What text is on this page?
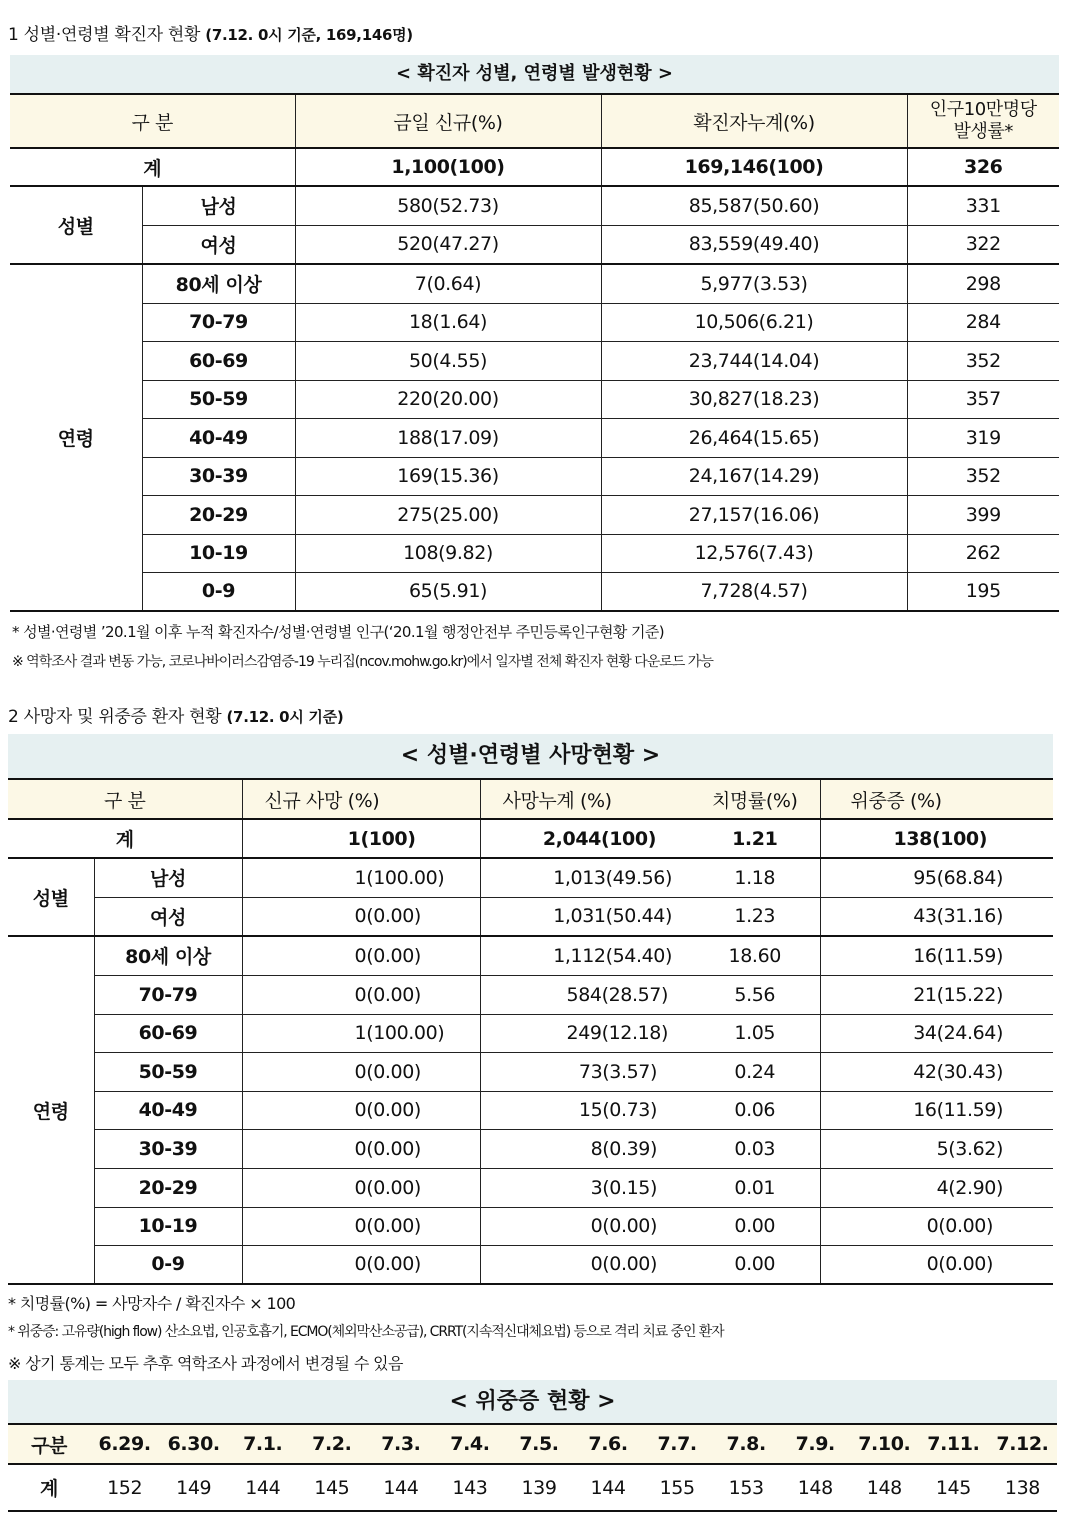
1 성별·연령별 확진자 현황 (7.12. 0시 기준, 169,146명)
< 확진자 성별, 연령별 발생현황 >
구 분		금일 신규(%)	확진자누계(%)	인구10만명당
발생률*

계		1,100(100)	169,146(100)	326
성별	남성	580(52.73)	85,587(50.60)	331
	여성	520(47.27)	83,559(49.40)	322
연령	80세 이상	7(0.64)	5,977(3.53)	298
	70-79	18(1.64)	10,506(6.21)	284
	60-69	50(4.55)	23,744(14.04)	352
	50-59	220(20.00)	30,827(18.23)	357
	40-49	188(17.09)	26,464(15.65)	319
	30-39	169(15.36)	24,167(14.29)	352
	20-29	275(25.00)	27,157(16.06)	399
	10-19	108(9.82)	12,576(7.43)	262
	0-9	65(5.91)	7,728(4.57)	195
* 성별·연령별 ’20.1월 이후 누적 확진자수/성별·연령별 인구(‘20.1월 행정안전부 주민등록인구현황 기준)
※ 역학조사 결과 변동 가능, 코로나바이러스감염증-19 누리집(ncov.mohw.go.kr)에서 일자별 전체 확진자 현황 다운로드 가능
2 사망자 및 위중증 환자 현황 (7.12. 0시 기준)
< 성별·연령별 사망현황 >
구 분		신규 사망 (%)	사망누계 (%)	치명률(%)	위중증 (%)
계		1(100)	2,044(100)	1.21	138(100)
성별	남성	1(100.00)	1,013(49.56)	1.18	95(68.84)
	여성	0(0.00)	1,031(50.44)	1.23	43(31.16)
연령	80세 이상	0(0.00)	1,112(54.40)	18.60	16(11.59)
	70-79	0(0.00)	584(28.57)	5.56	21(15.22)
	60-69	1(100.00)	249(12.18)	1.05	34(24.64)
	50-59	0(0.00)	73(3.57)	0.24	42(30.43)
	40-49	0(0.00)	15(0.73)	0.06	16(11.59)
	30-39	0(0.00)	8(0.39)	0.03	5(3.62)
	20-29	0(0.00)	3(0.15)	0.01	4(2.90)
	10-19	0(0.00)	0(0.00)	0.00	0(0.00)
	0-9	0(0.00)	0(0.00)	0.00	0(0.00)
* 치명률(%) = 사망자수 / 확진자수 × 100
* 위중증: 고유량(high flow) 산소요법, 인공호흡기, ECMO(체외막산소공급), CRRT(지속적신대체요법) 등으로 격리 치료 중인 환자
※ 상기 통계는 모두 추후 역학조사 과정에서 변경될 수 있음
< 위중증 현황 >
구분	6.29.	6.30.	7.1.	7.2.	7.3.	7.4.	7.5.	7.6.	7.7.	7.8.	7.9.	7.10.	7.11.	7.12.
계	152	149	144	145	144	143	139	144	155	153	148	148	145	138
